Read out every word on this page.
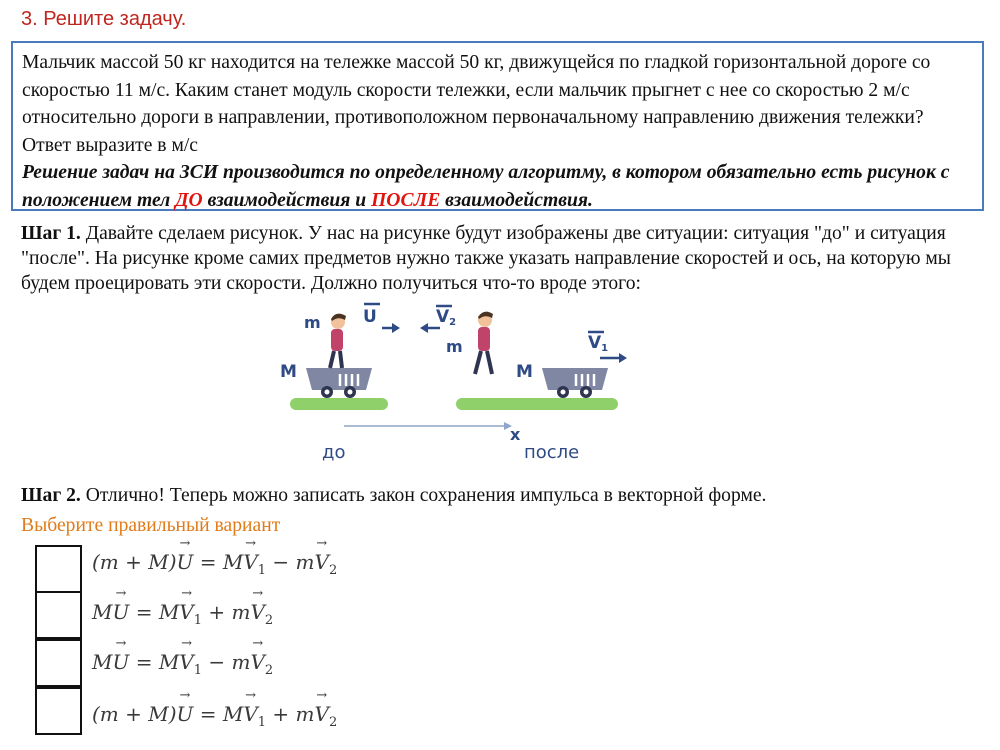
3. Решите задачу.

Мальчик массой 50 кг находится на тележке массой 50 кг, движущейся по гладкой горизонтальной дороге со скоростью 11 м/с. Каким станет модуль скорости тележки, если мальчик прыгнет с нее со скоростью 2 м/с относительно дороги в направлении, противоположном первоначальному направлению движения тележки? Ответ выразите в м/с

Решение задач на ЗСИ производится по определенному алгоритму, в котором обязательно есть рисунок с положением тел ДО взаимодействия и ПОСЛЕ взаимодействия.

Шаг 1. Давайте сделаем рисунок. У нас на рисунке будут изображены две ситуации: ситуация "до" и ситуация "после". На рисунке кроме самих предметов нужно также указать направление скоростей и ось, на которую мы будем проецировать эти скорости. Должно получиться что-то вроде этого:
m
M
U	V2
m
M
V1
x
до	после
Шаг 2. Отлично! Теперь можно записать закон сохранения импульса в векторной форме.
Выберите правильный вариант
$(m + M)\to U = M\to V_1 - m\to V_2$
$M\to U = M\to V_1 + m\to V_2$
$M\to U = M\to V_1 - m\to V_2$
$(m + M)\to U = M\to V_1 + m\to V_2$
